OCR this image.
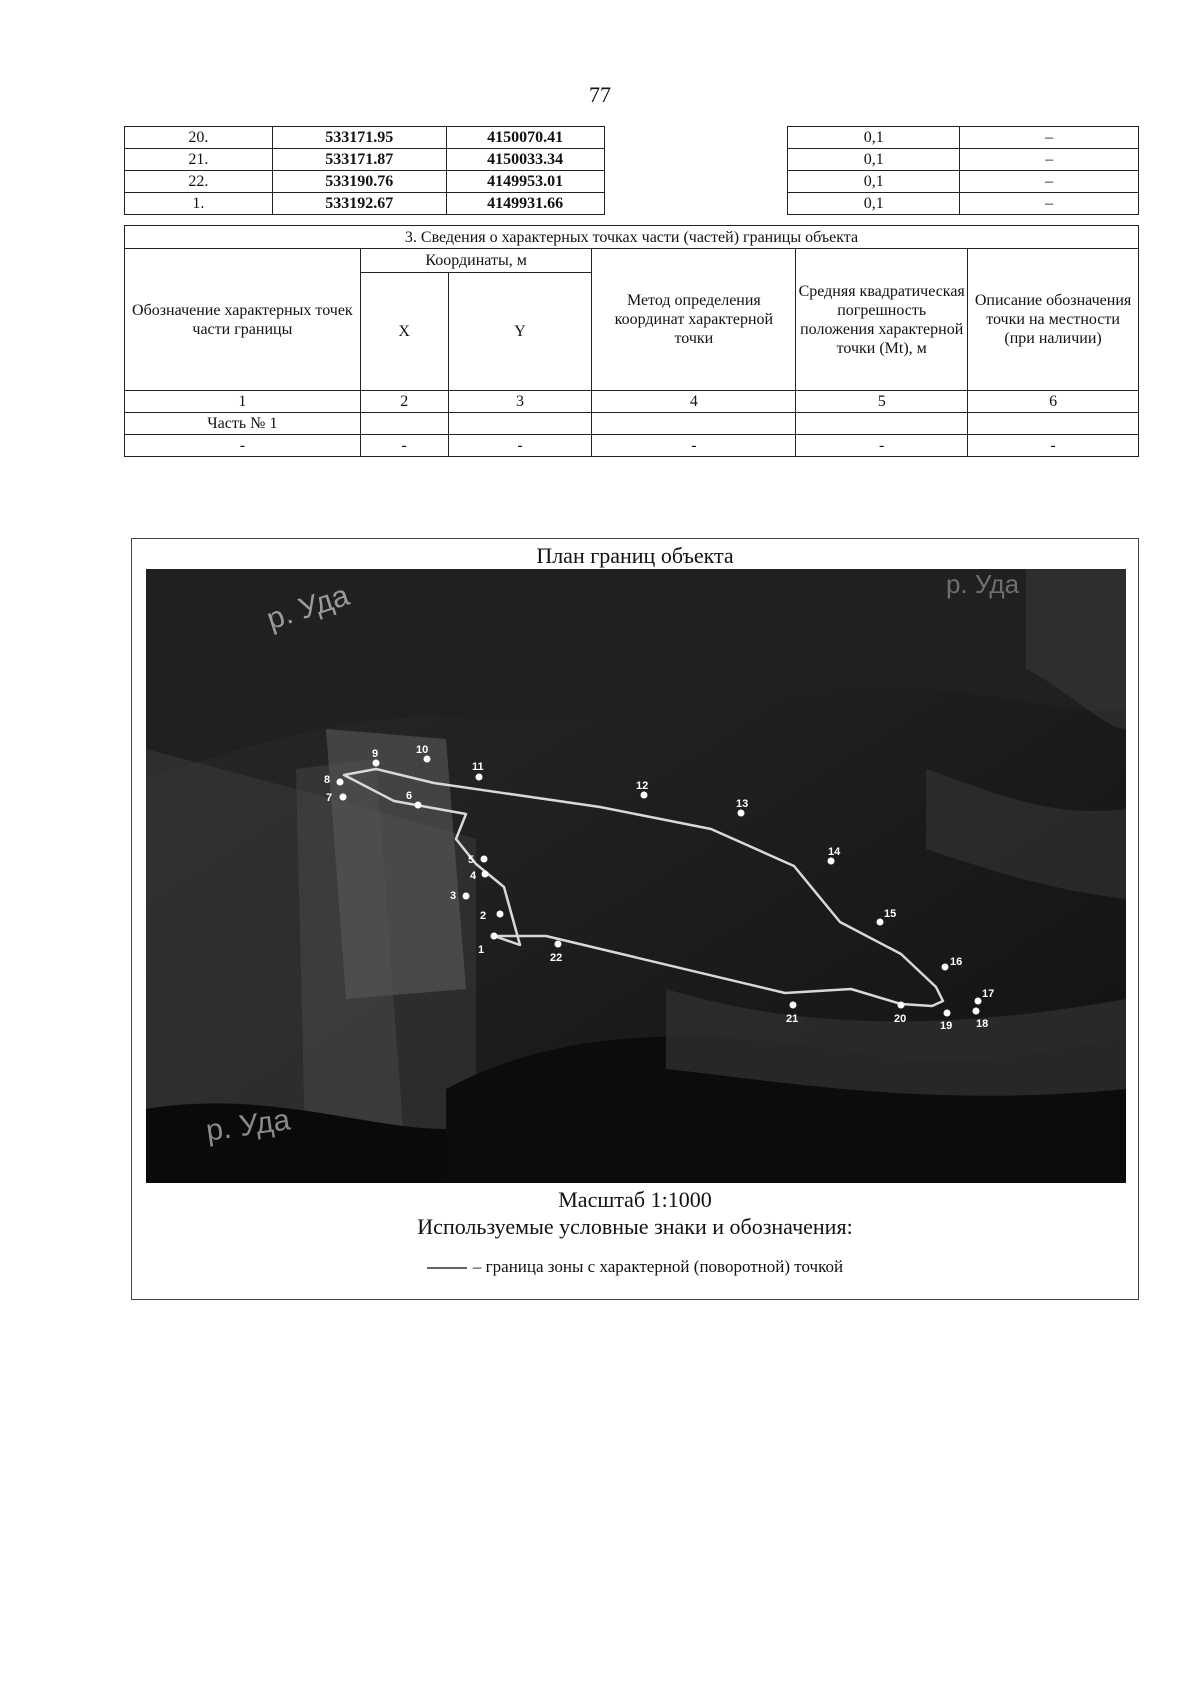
77
20.	533171.95	4150070.41		0,1	–
21.	533171.87	4150033.34		0,1	–
22.	533190.76	4149953.01		0,1	–
1.	533192.67	4149931.66		0,1	–
3. Сведения о характерных точках части (частей) границы объекта					
Обозначение характерных точек части границы	Координаты, м		Метод определения координат характерной точки	Средняя квадратическая погрешность положения характерной точки (Mt), м	Описание обозначения точки на местности (при наличии)
	X	Y			
1	2	3	4	5	6
Часть № 1					
-	-	-	-	-	-
План границ объекта
1
2
3
4
5
6
7
8
9	10
11
12
13
14
15
16
17
18
19
20
21
22
р. Уда	р. Уда
р. Уда
Масштаб 1:1000
Используемые условные знаки и обозначения:
– граница зоны с характерной (поворотной) точкой
